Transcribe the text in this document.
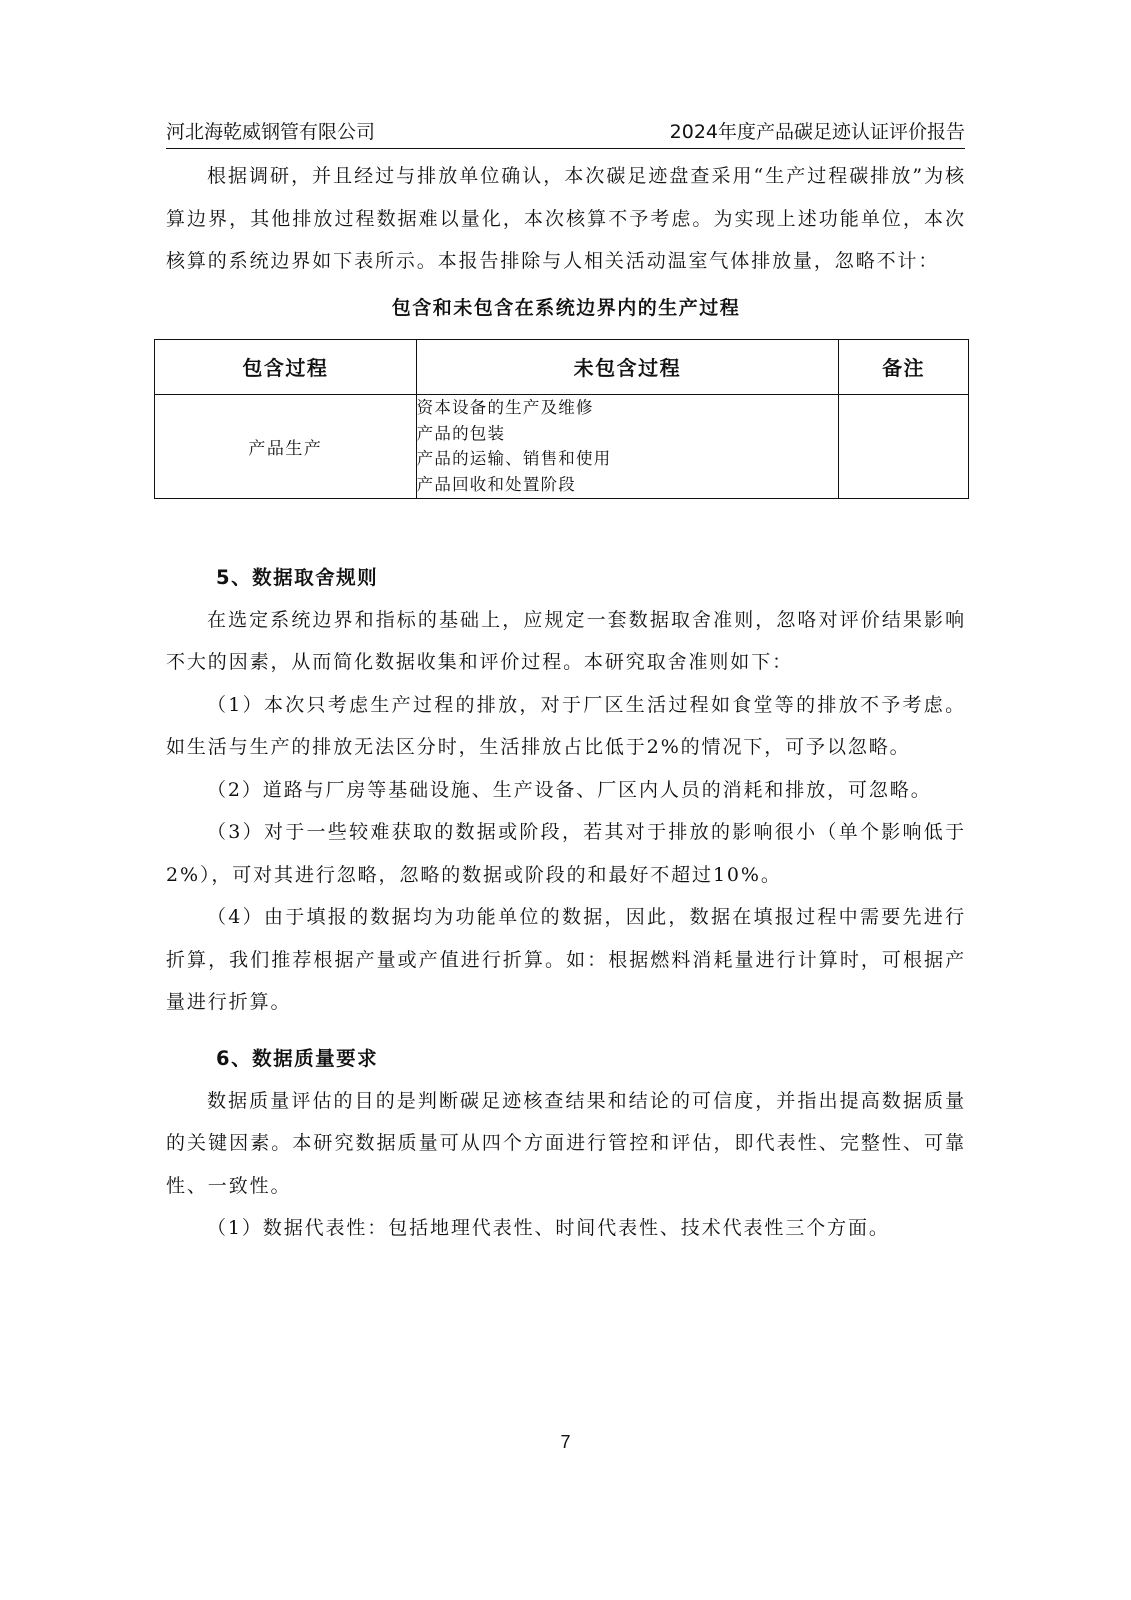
河北海乾威钢管有限公司	2024年度产品碳足迹认证评价报告

根据调研，并且经过与排放单位确认，本次碳足迹盘查采用“生产过程碳排放”为核算边界，其他排放过程数据难以量化，本次核算不予考虑。为实现上述功能单位，本次核算的系统边界如下表所示。本报告排除与人相关活动温室气体排放量，忽略不计：

包含和未包含在系统边界内的生产过程
包含过程	未包含过程	备注
产品生产	资本设备的生产及维修
产品的包装
产品的运输、销售和使用
产品回收和处置阶段	

5、数据取舍规则

在选定系统边界和指标的基础上，应规定一套数据取舍准则，忽咯对评价结果影响不大的因素，从而简化数据收集和评价过程。本研究取舍准则如下：

（1）本次只考虑生产过程的排放，对于厂区生活过程如食堂等的排放不予考虑。如生活与生产的排放无法区分时，生活排放占比低于2%的情况下，可予以忽略。

（2）道路与厂房等基础设施、生产设备、厂区内人员的消耗和排放，可忽略。

（3）对于一些较难获取的数据或阶段，若其对于排放的影响很小（单个影响低于2%），可对其进行忽略，忽略的数据或阶段的和最好不超过10%。

（4）由于填报的数据均为功能单位的数据，因此，数据在填报过程中需要先进行折算，我们推荐根据产量或产值进行折算。如：根据燃料消耗量进行计算时，可根据产量进行折算。

6、数据质量要求

数据质量评估的目的是判断碳足迹核查结果和结论的可信度，并指出提高数据质量的关键因素。本研究数据质量可从四个方面进行管控和评估，即代表性、完整性、可靠性、一致性。

（1）数据代表性：包括地理代表性、时间代表性、技术代表性三个方面。

7
